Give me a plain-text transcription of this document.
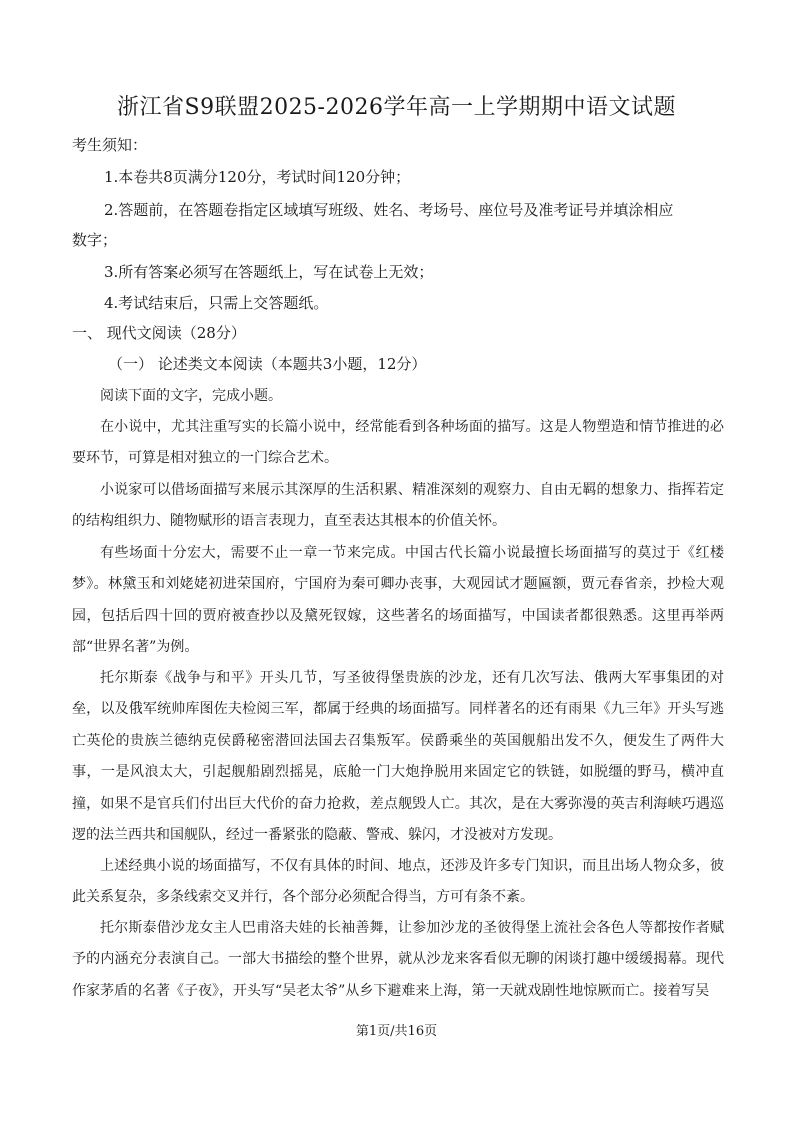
浙江省S9联盟2025-2026学年高一上学期期中语文试题
考生须知：
1.本卷共8页满分120分，考试时间120分钟；
2.答题前，在答题卷指定区域填写班级、姓名、考场号、座位号及准考证号并填涂相应
数字；
3.所有答案必须写在答题纸上，写在试卷上无效；
4.考试结束后，只需上交答题纸。
一、 现代文阅读（28分）
（一） 论述类文本阅读（本题共3小题，12分）

阅读下面的文字，完成小题。

在小说中，尤其注重写实的长篇小说中，经常能看到各种场面的描写。这是人物塑造和情节推进的必要环节，可算是相对独立的一门综合艺术。

小说家可以借场面描写来展示其深厚的生活积累、精准深刻的观察力、自由无羁的想象力、指挥若定的结构组织力、随物赋形的语言表现力，直至表达其根本的价值关怀。

有些场面十分宏大，需要不止一章一节来完成。中国古代长篇小说最擅长场面描写的莫过于《红楼梦》。林黛玉和刘姥姥初进荣国府，宁国府为秦可卿办丧事，大观园试才题匾额，贾元春省亲，抄检大观园，包括后四十回的贾府被查抄以及黛死钗嫁，这些著名的场面描写，中国读者都很熟悉。这里再举两部“世界名著”为例。

托尔斯泰《战争与和平》开头几节，写圣彼得堡贵族的沙龙，还有几次写法、俄两大军事集团的对垒，以及俄军统帅库图佐夫检阅三军，都属于经典的场面描写。同样著名的还有雨果《九三年》开头写逃亡英伦的贵族兰德纳克侯爵秘密潜回法国去召集叛军。侯爵乘坐的英国舰船出发不久，便发生了两件大事，一是风浪太大，引起舰船剧烈摇晃，底舱一门大炮挣脱用来固定它的铁链，如脱缰的野马，横冲直撞，如果不是官兵们付出巨大代价的奋力抢救，差点舰毁人亡。其次，是在大雾弥漫的英吉利海峡巧遇巡逻的法兰西共和国舰队，经过一番紧张的隐蔽、警戒、躲闪，才没被对方发现。

上述经典小说的场面描写，不仅有具体的时间、地点，还涉及许多专门知识，而且出场人物众多，彼此关系复杂，多条线索交叉并行，各个部分必须配合得当，方可有条不紊。

托尔斯泰借沙龙女主人巴甫洛夫娃的长袖善舞，让参加沙龙的圣彼得堡上流社会各色人等都按作者赋予的内涵充分表演自己。一部大书描绘的整个世界，就从沙龙来客看似无聊的闲谈打趣中缓缓揭幕。现代作家茅盾的名著《子夜》，开头写“吴老太爷”从乡下避难来上海，第一天就戏剧性地惊厥而亡。接着写吴

第1页/共16页
